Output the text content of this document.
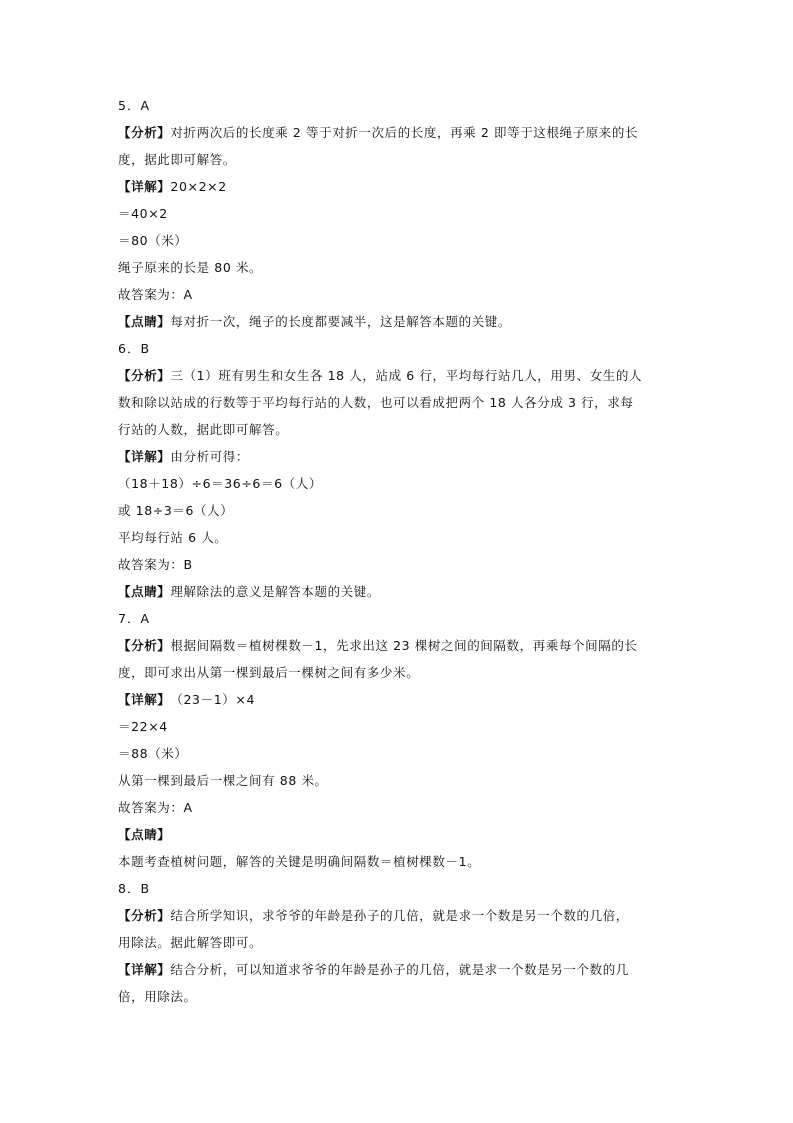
5．A
【分析】 对折两次后的长度乘 2 等于对折一次后的长度，再乘 2 即等于这根绳子原来的长
度，据此即可解答。
【详解】 20×2×2
＝40×2
＝80（米）
绳子原来的长是 80 米。
故答案为：A
【点睛】 每对折一次，绳子的长度都要减半，这是解答本题的关键。
6．B
【分析】 三（1）班有男生和女生各 18 人，站成 6 行，平均每行站几人，用男、女生的人
数和除以站成的行数等于平均每行站的人数，也可以看成把两个 18 人各分成 3 行，求每
行站的人数，据此即可解答。
【详解】 由分析可得：
（18＋18）÷6＝36÷6＝6（人）
或 18÷3＝6（人）
平均每行站 6 人。
故答案为：B
【点睛】 理解除法的意义是解答本题的关键。
7．A
【分析】 根据间隔数＝植树棵数－1，先求出这 23 棵树之间的间隔数，再乘每个间隔的长
度，即可求出从第一棵到最后一棵树之间有多少米。
【详解】 （23－1）×4
＝22×4
＝88（米）
从第一棵到最后一棵之间有 88 米。
故答案为：A
【点睛】
本题考查植树问题，解答的关键是明确间隔数＝植树棵数－1。
8．B
【分析】 结合所学知识，求爷爷的年龄是孙子的几倍，就是求一个数是另一个数的几倍，
用除法。据此解答即可。
【详解】 结合分析，可以知道求爷爷的年龄是孙子的几倍，就是求一个数是另一个数的几
倍，用除法。
